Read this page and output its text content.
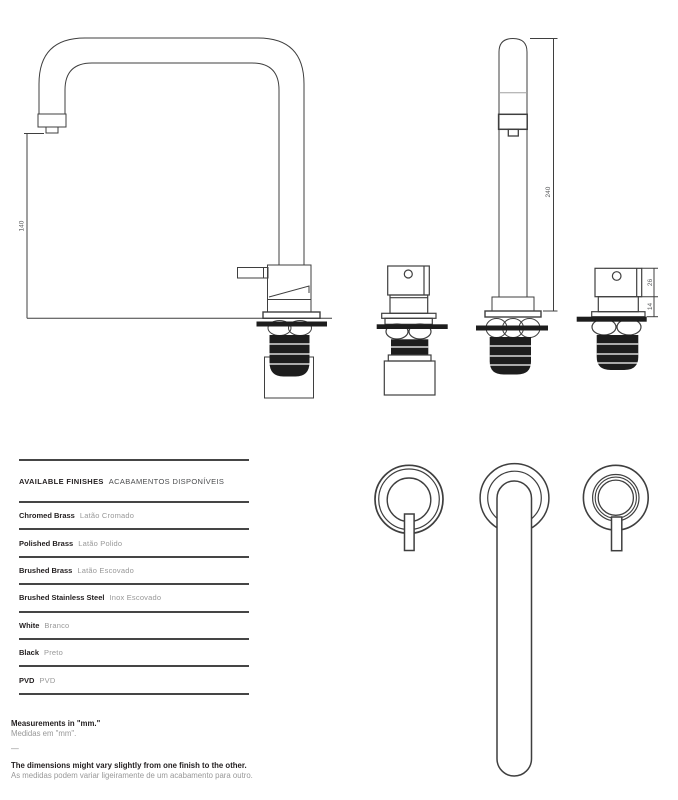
140
240
26
14
AVAILABLE FINISHES ACABAMENTOS DISPONÍVEIS
Chromed Brass Latão Cromado
Polished Brass Latão Polido
Brushed Brass Latão Escovado
Brushed Stainless Steel Inox Escovado
White Branco
Black Preto
PVD PVD
Measurements in "mm."
Medidas em "mm".
—
The dimensions might vary slightly from one finish to the other.
As medidas podem variar ligeiramente de um acabamento para outro.
